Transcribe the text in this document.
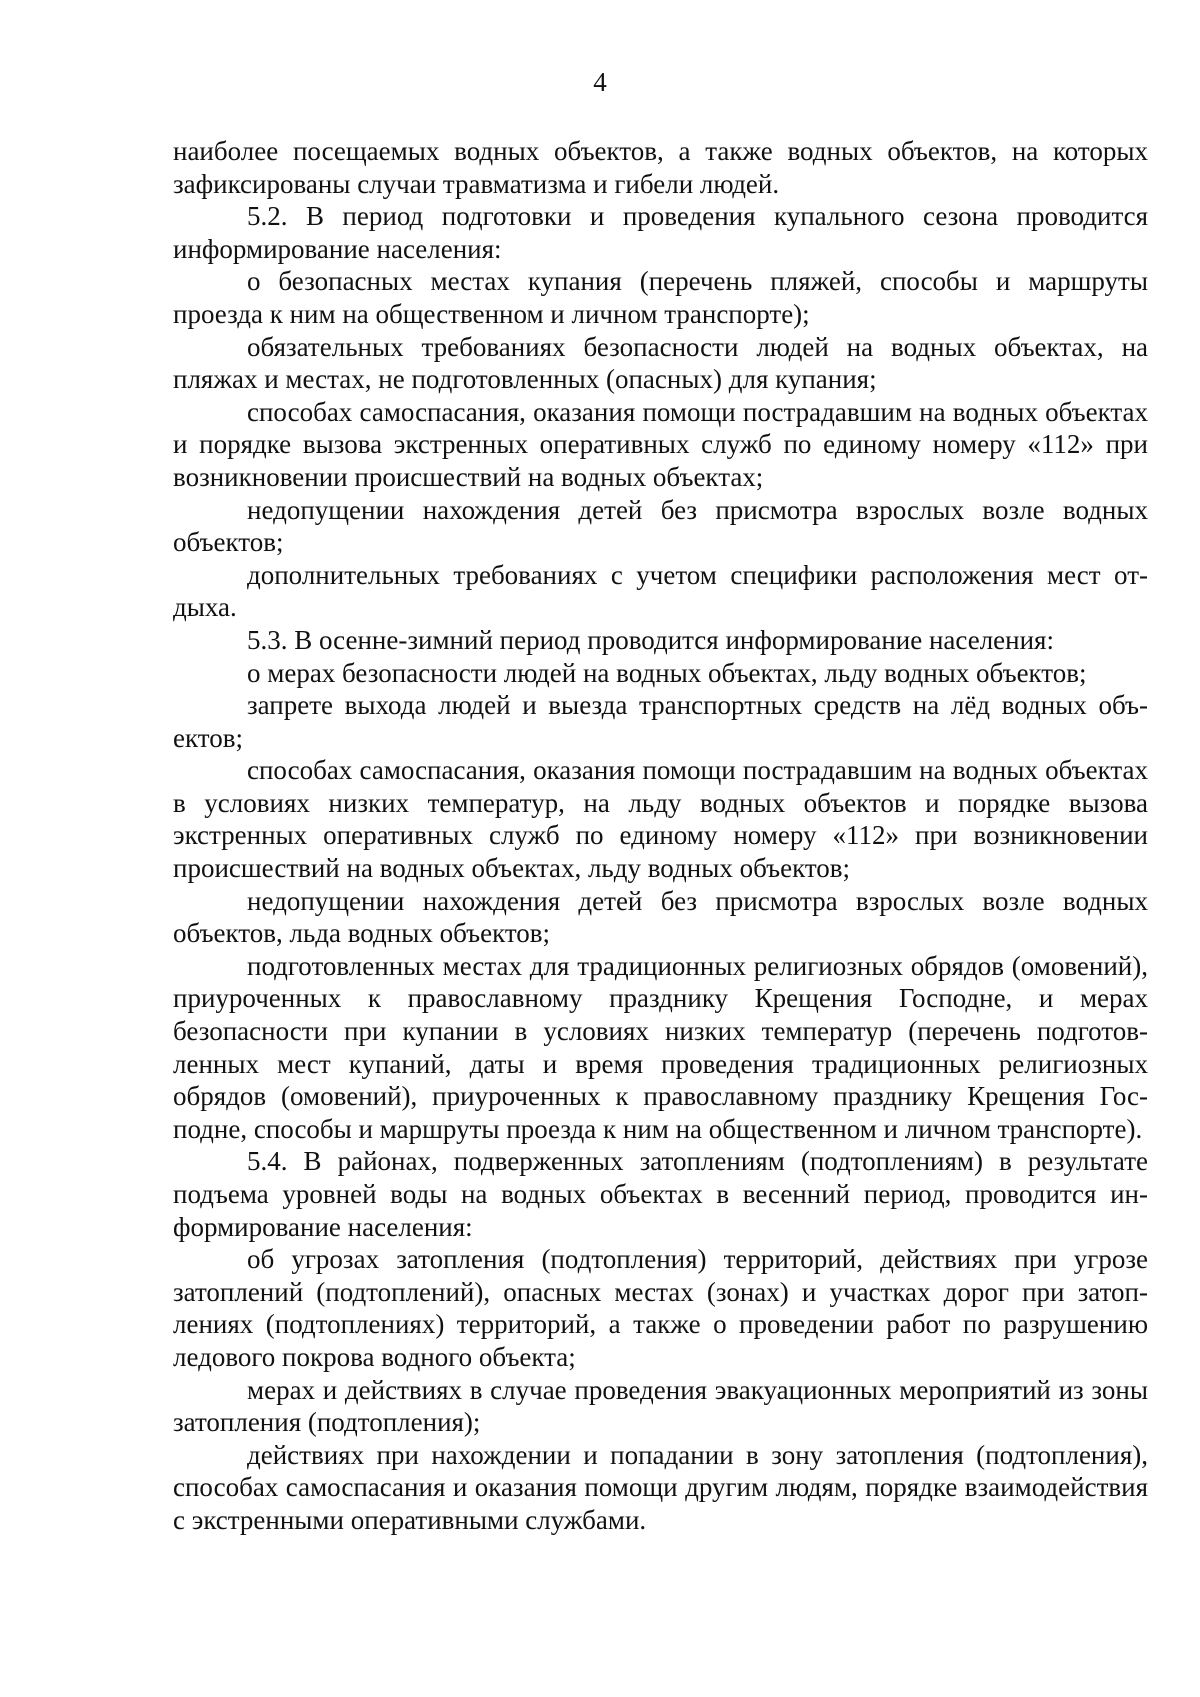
4

наиболее посещаемых водных объектов, а также водных объектов, на которых зафиксированы случаи травматизма и гибели людей.

5.2. В период подготовки и проведения купального сезона проводится информирование населения:

о безопасных местах купания (перечень пляжей, способы и маршруты проезда к ним на общественном и личном транспорте);

обязательных требованиях безопасности людей на водных объектах, на пляжах и местах, не подготовленных (опасных) для купания;

способах самоспасания, оказания помощи пострадавшим на водных объектах и порядке вызова экстренных оперативных служб по единому номеру «112» при возникновении происшествий на водных объектах;

недопущении нахождения детей без присмотра взрослых возле водных объектов;

дополнительных требованиях с учетом специфики расположения мест отдыха.

5.3. В осенне-зимний период проводится информирование населения:

о мерах безопасности людей на водных объектах, льду водных объектов;

запрете выхода людей и выезда транспортных средств на лёд водных объектов;

способах самоспасания, оказания помощи пострадавшим на водных объектах в условиях низких температур, на льду водных объектов и порядке вызова экстренных оперативных служб по единому номеру «112» при возникновении происшествий на водных объектах, льду водных объектов;

недопущении нахождения детей без присмотра взрослых возле водных объектов, льда водных объектов;

подготовленных местах для традиционных религиозных обрядов (омовений), приуроченных к православному празднику Крещения Господне, и мерах безопасности при купании в условиях низких температур (перечень подготовленных мест купаний, даты и время проведения традиционных религиозных обрядов (омовений), приуроченных к православному празднику Крещения Господне, способы и маршруты проезда к ним на общественном и личном транспорте).

5.4. В районах, подверженных затоплениям (подтоплениям) в результате подъема уровней воды на водных объектах в весенний период, проводится информирование населения:

об угрозах затопления (подтопления) территорий, действиях при угрозе затоплений (подтоплений), опасных местах (зонах) и участках дорог при затоплениях (подтоплениях) территорий, а также о проведении работ по разрушению ледового покрова водного объекта;

мерах и действиях в случае проведения эвакуационных мероприятий из зоны затопления (подтопления);

действиях при нахождении и попадании в зону затопления (подтопления), способах самоспасания и оказания помощи другим людям, порядке взаимодействия с экстренными оперативными службами.
